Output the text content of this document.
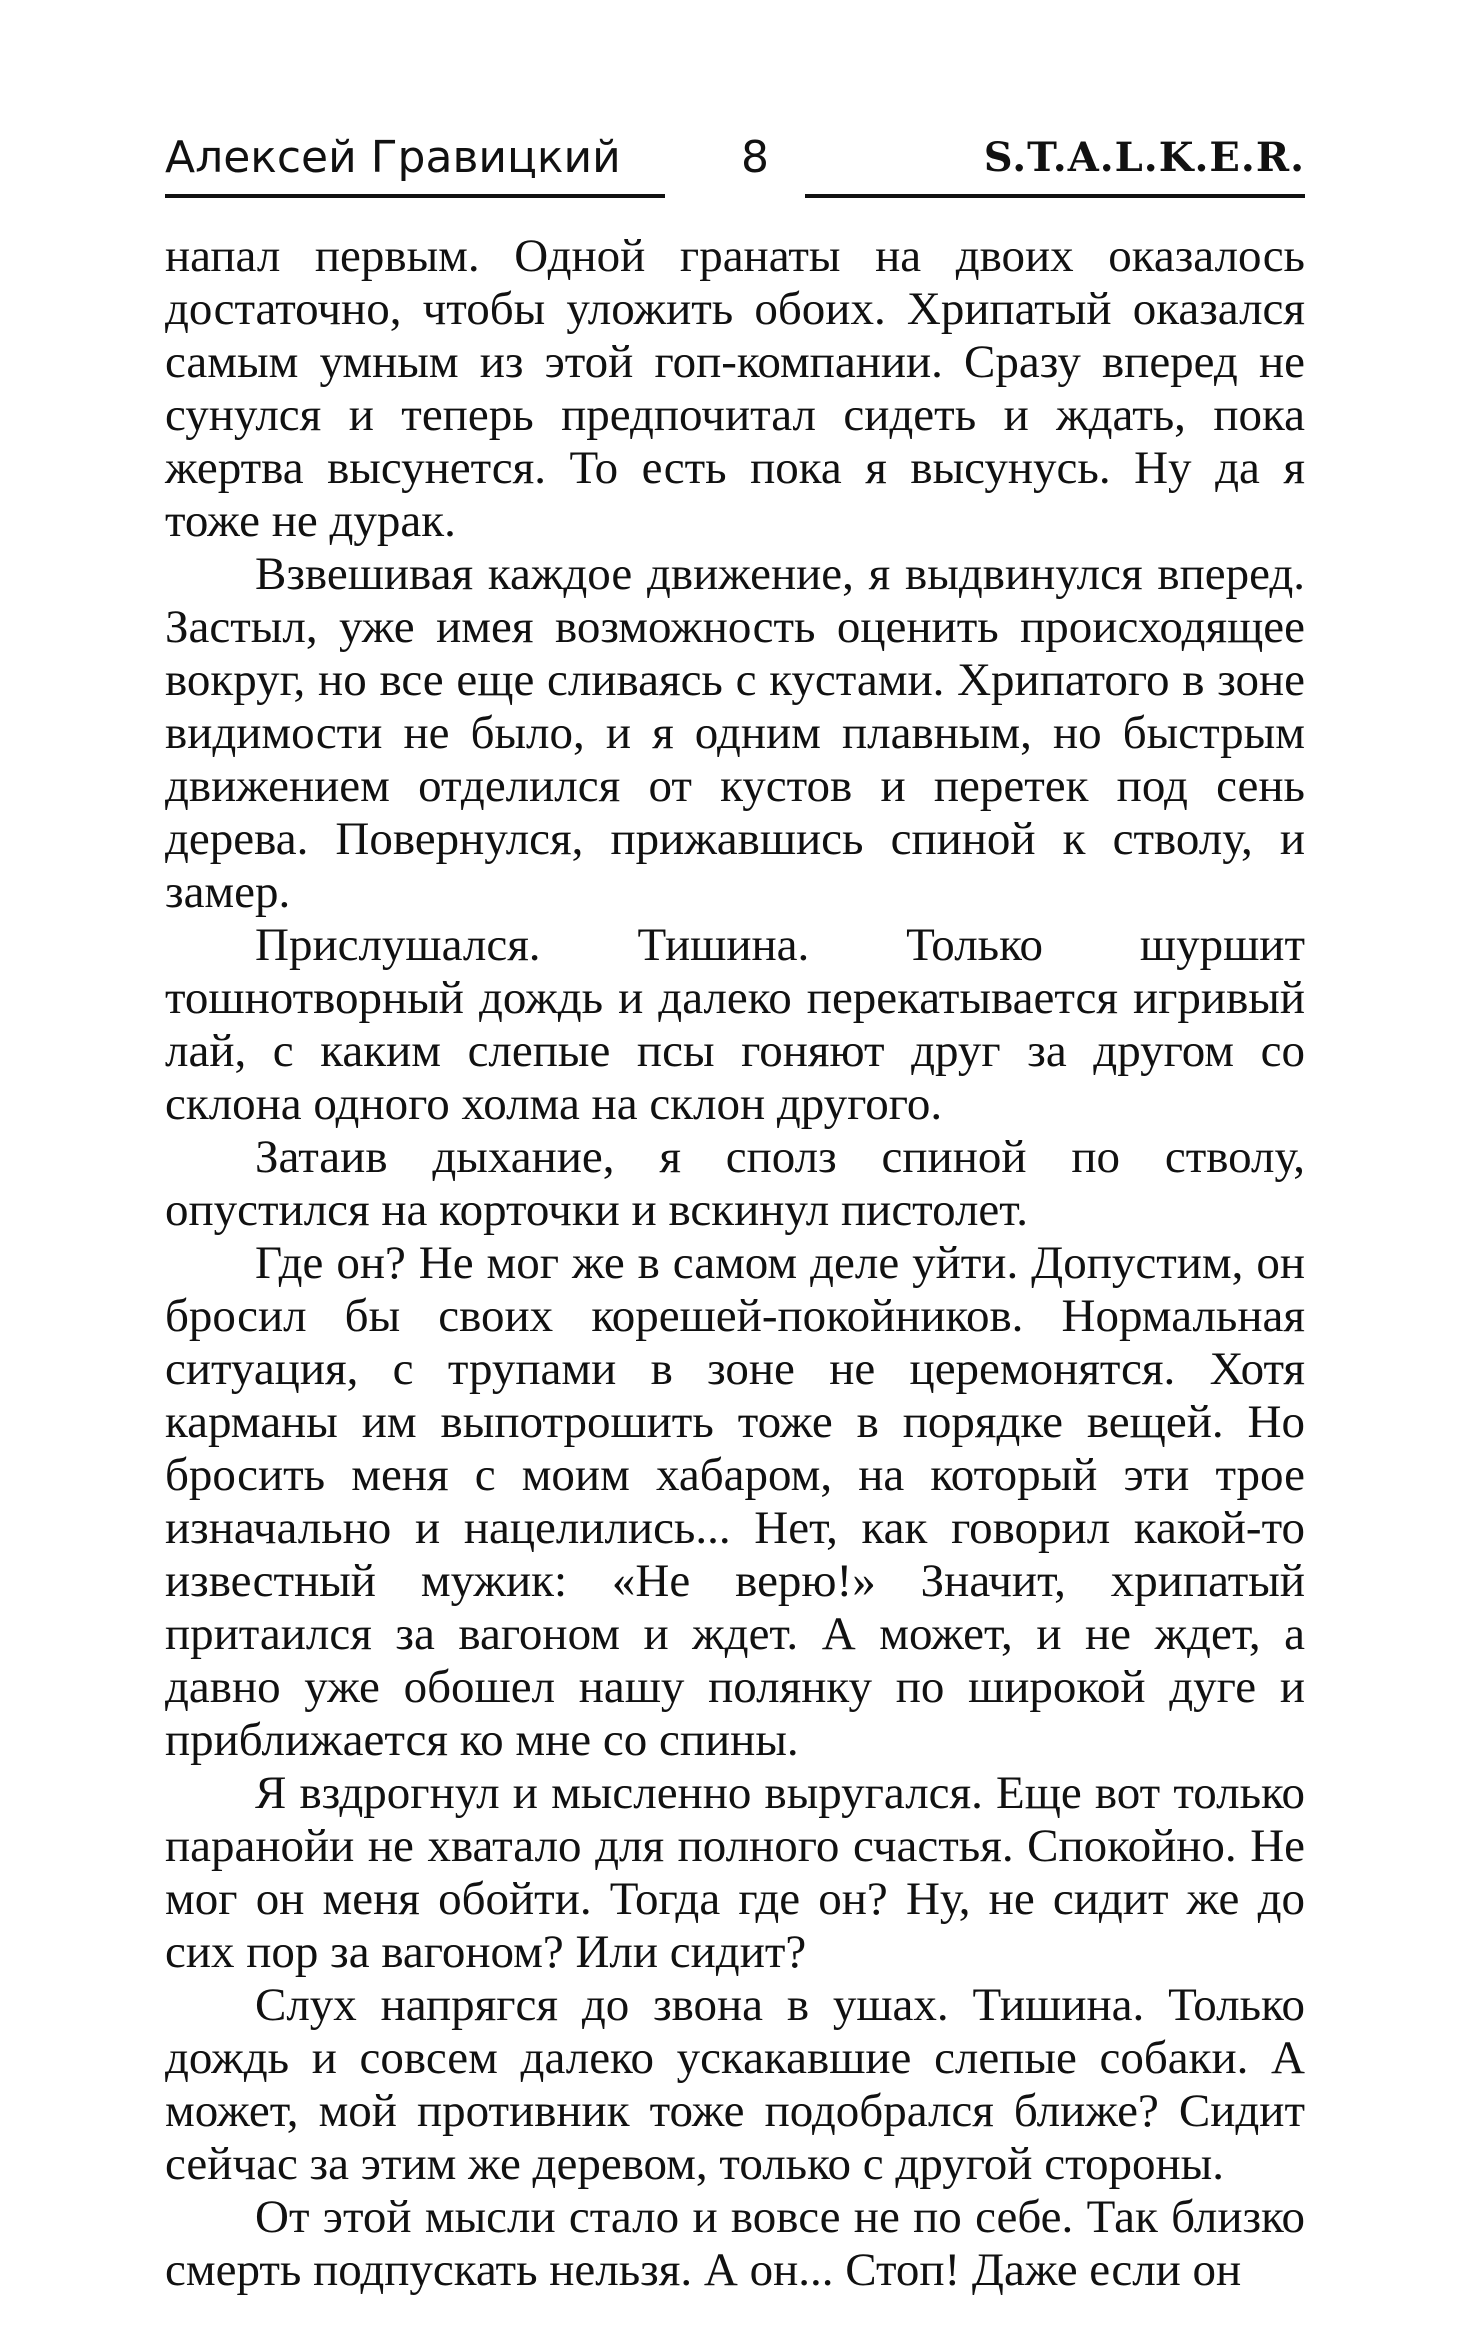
Алексей Гравицкий	8	S.T.A.L.K.E.R.

напал первым. Одной гранаты на двоих оказалось достаточно, чтобы уложить обоих. Хрипатый оказался самым умным из этой гоп-компании. Сразу вперед не сунулся и теперь предпочитал сидеть и ждать, пока жертва высунется. То есть пока я высунусь. Ну да я тоже не дурак.

Взвешивая каждое движение, я выдвинулся вперед. Застыл, уже имея возможность оценить происходящее вокруг, но все еще сливаясь с кустами. Хрипатого в зоне видимости не было, и я одним плавным, но быстрым движением отделился от кустов и перетек под сень дерева. Повернулся, прижавшись спиной к стволу, и замер.

Прислушался. Тишина. Только шуршит тошнотворный дождь и далеко перекатывается игривый лай, с каким слепые псы гоняют друг за другом со склона одного холма на склон другого.

Затаив дыхание, я сполз спиной по стволу, опустился на корточки и вскинул пистолет.

Где он? Не мог же в самом деле уйти. Допустим, он бросил бы своих корешей-покойников. Нормальная ситуация, с трупами в зоне не церемонятся. Хотя карманы им выпотрошить тоже в порядке вещей. Но бросить меня с моим хабаром, на который эти трое изначально и нацелились... Нет, как говорил какой-то известный мужик: «Не верю!» Значит, хрипатый притаился за вагоном и ждет. А может, и не ждет, а давно уже обошел нашу полянку по широкой дуге и приближается ко мне со спины.

Я вздрогнул и мысленно выругался. Еще вот только паранойи не хватало для полного счастья. Спокойно. Не мог он меня обойти. Тогда где он? Ну, не сидит же до сих пор за вагоном? Или сидит?

Слух напрягся до звона в ушах. Тишина. Только дождь и совсем далеко ускакавшие слепые собаки. А может, мой противник тоже подобрался ближе? Сидит сейчас за этим же деревом, только с другой стороны.

От этой мысли стало и вовсе не по себе. Так близко смерть подпускать нельзя. А он... Стоп! Даже если он
